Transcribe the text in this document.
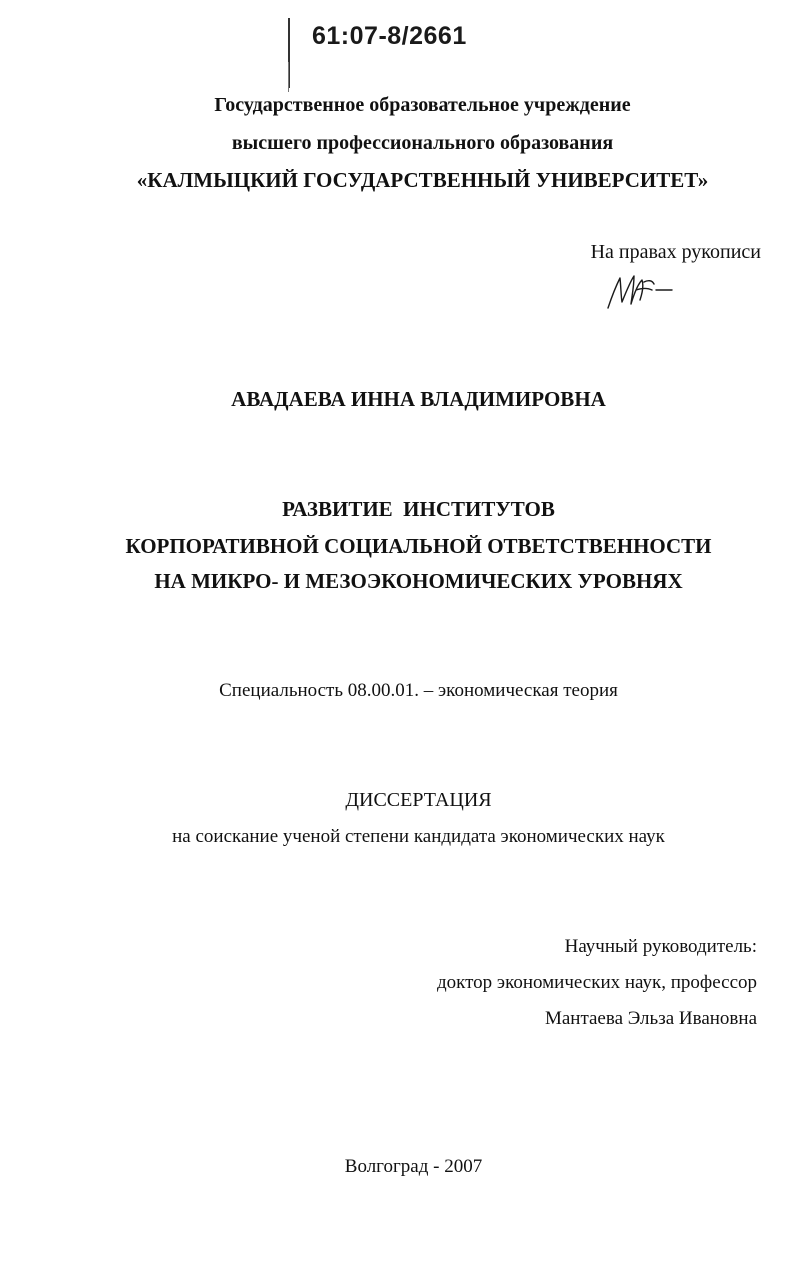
61:07-8/2661
Государственное образовательное учреждение
высшего профессионального образования
«КАЛМЫЦКИЙ ГОСУДАРСТВЕННЫЙ УНИВЕРСИТЕТ»
На правах рукописи
АВАДАЕВА ИННА ВЛАДИМИРОВНА
РАЗВИТИЕ  ИНСТИТУТОВ
КОРПОРАТИВНОЙ СОЦИАЛЬНОЙ ОТВЕТСТВЕННОСТИ
НА МИКРО- И МЕЗОЭКОНОМИЧЕСКИХ УРОВНЯХ
Специальность 08.00.01. – экономическая теория
ДИССЕРТАЦИЯ
на соискание ученой степени кандидата экономических наук
Научный руководитель:
доктор экономических наук, профессор
Мантаева Эльза Ивановна
Волгоград - 2007
